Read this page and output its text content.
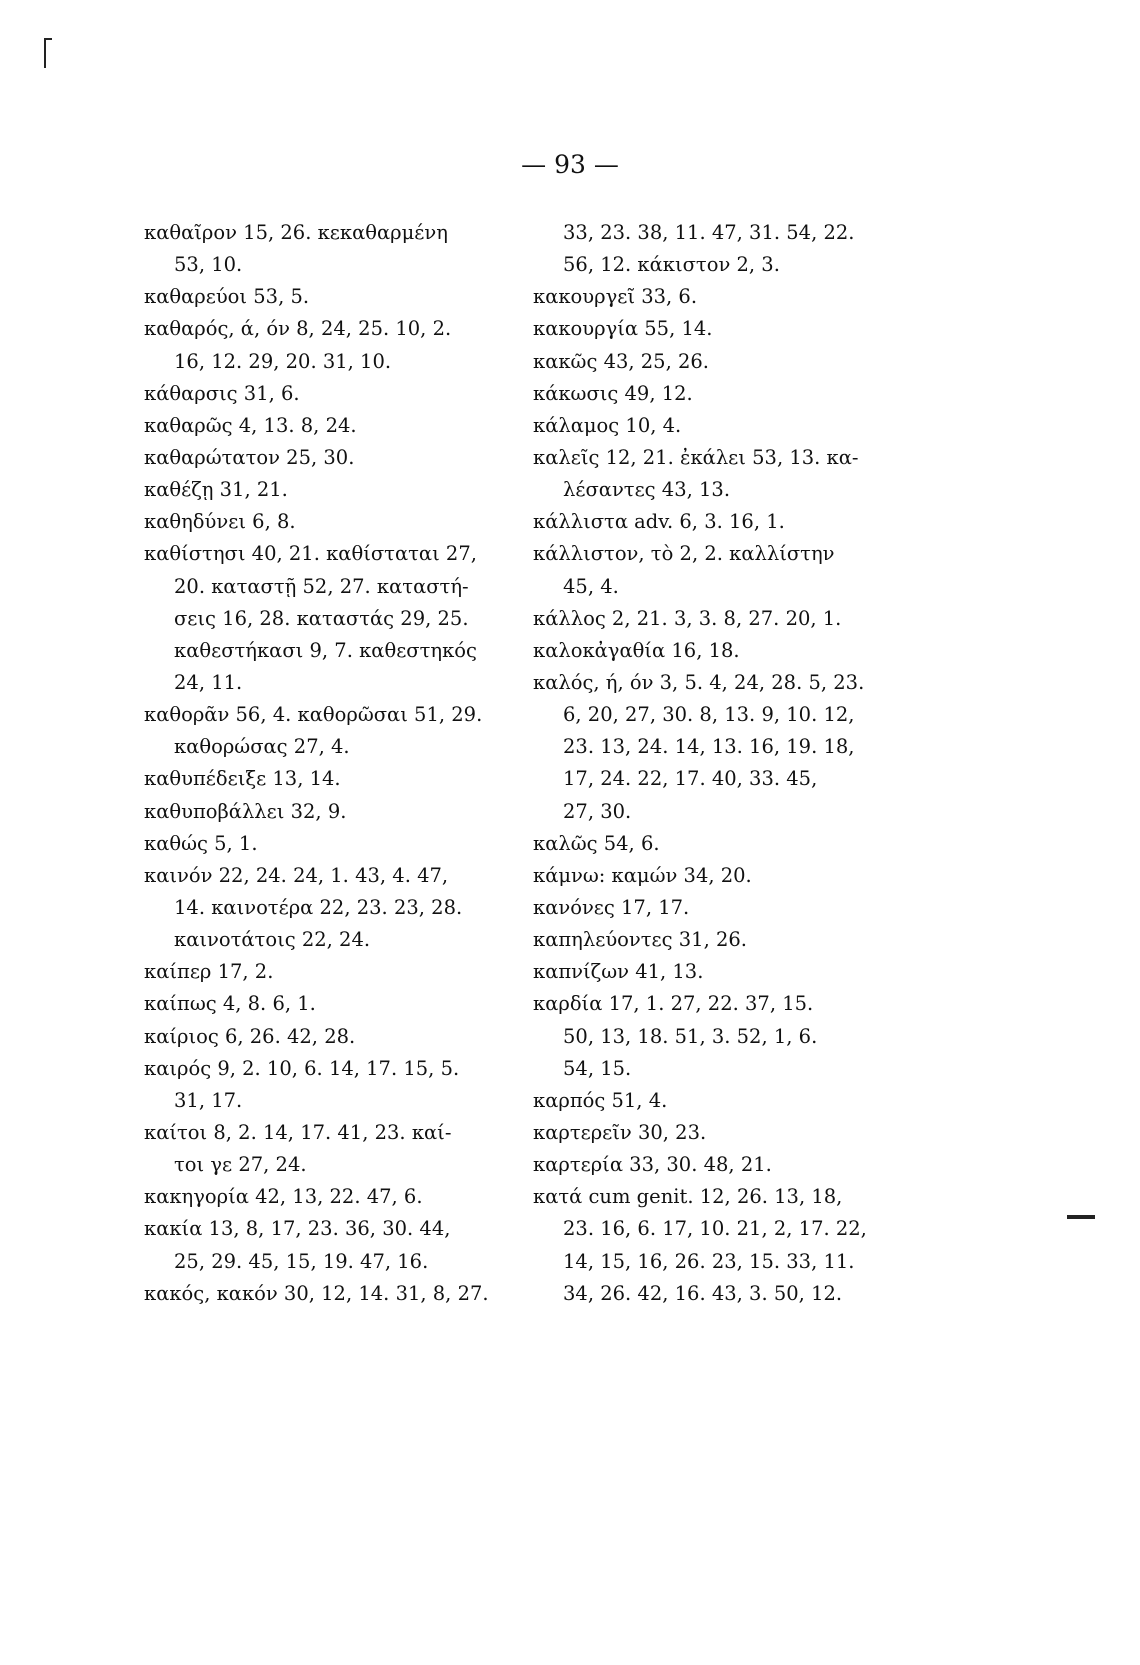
— 93 —
καθαῖρον 15, 26. κεκαθαρμένη
53, 10.
καθαρεύοι 53, 5.
καθαρός, ά, όν 8, 24, 25. 10, 2.
16, 12. 29, 20. 31, 10.
κάθαρσις 31, 6.
καθαρῶς 4, 13. 8, 24.
καθαρώτατον 25, 30.
καθέζῃ 31, 21.
καθηδύνει 6, 8.
καθίστησι 40, 21. καθίσταται 27,
20. καταστῇ 52, 27. καταστή-
σεις 16, 28. καταστάς 29, 25.
καθεστήκασι 9, 7. καθεστηκός
24, 11.
καθορᾶν 56, 4. καθορῶσαι 51, 29.
καθορώσας 27, 4.
καθυπέδειξε 13, 14.
καθυποβάλλει 32, 9.
καθώς 5, 1.
καινόν 22, 24. 24, 1. 43, 4. 47,
14. καινοτέρα 22, 23. 23, 28.
καινοτάτοις 22, 24.
καίπερ 17, 2.
καίπως 4, 8. 6, 1.
καίριος 6, 26. 42, 28.
καιρός 9, 2. 10, 6. 14, 17. 15, 5.
31, 17.
καίτοι 8, 2. 14, 17. 41, 23. καί-
τοι γε 27, 24.
κακηγορία 42, 13, 22. 47, 6.
κακία 13, 8, 17, 23. 36, 30. 44,
25, 29. 45, 15, 19. 47, 16.
κακός, κακόν 30, 12, 14. 31, 8, 27.
33, 23. 38, 11. 47, 31. 54, 22.
56, 12. κάκιστον 2, 3.
κακουργεῖ 33, 6.
κακουργία 55, 14.
κακῶς 43, 25, 26.
κάκωσις 49, 12.
κάλαμος 10, 4.
καλεῖς 12, 21. ἐκάλει 53, 13. κα-
λέσαντες 43, 13.
κάλλιστα adv. 6, 3. 16, 1.
κάλλιστον, τὸ 2, 2. καλλίστην
45, 4.
κάλλος 2, 21. 3, 3. 8, 27. 20, 1.
καλοκἀγαθία 16, 18.
καλός, ή, όν 3, 5. 4, 24, 28. 5, 23.
6, 20, 27, 30. 8, 13. 9, 10. 12,
23. 13, 24. 14, 13. 16, 19. 18,
17, 24. 22, 17. 40, 33. 45,
27, 30.
καλῶς 54, 6.
κάμνω: καμών 34, 20.
κανόνες 17, 17.
καπηλεύοντες 31, 26.
καπνίζων 41, 13.
καρδία 17, 1. 27, 22. 37, 15.
50, 13, 18. 51, 3. 52, 1, 6.
54, 15.
καρπός 51, 4.
καρτερεῖν 30, 23.
καρτερία 33, 30. 48, 21.
κατά cum genit. 12, 26. 13, 18,
23. 16, 6. 17, 10. 21, 2, 17. 22,
14, 15, 16, 26. 23, 15. 33, 11.
34, 26. 42, 16. 43, 3. 50, 12.
